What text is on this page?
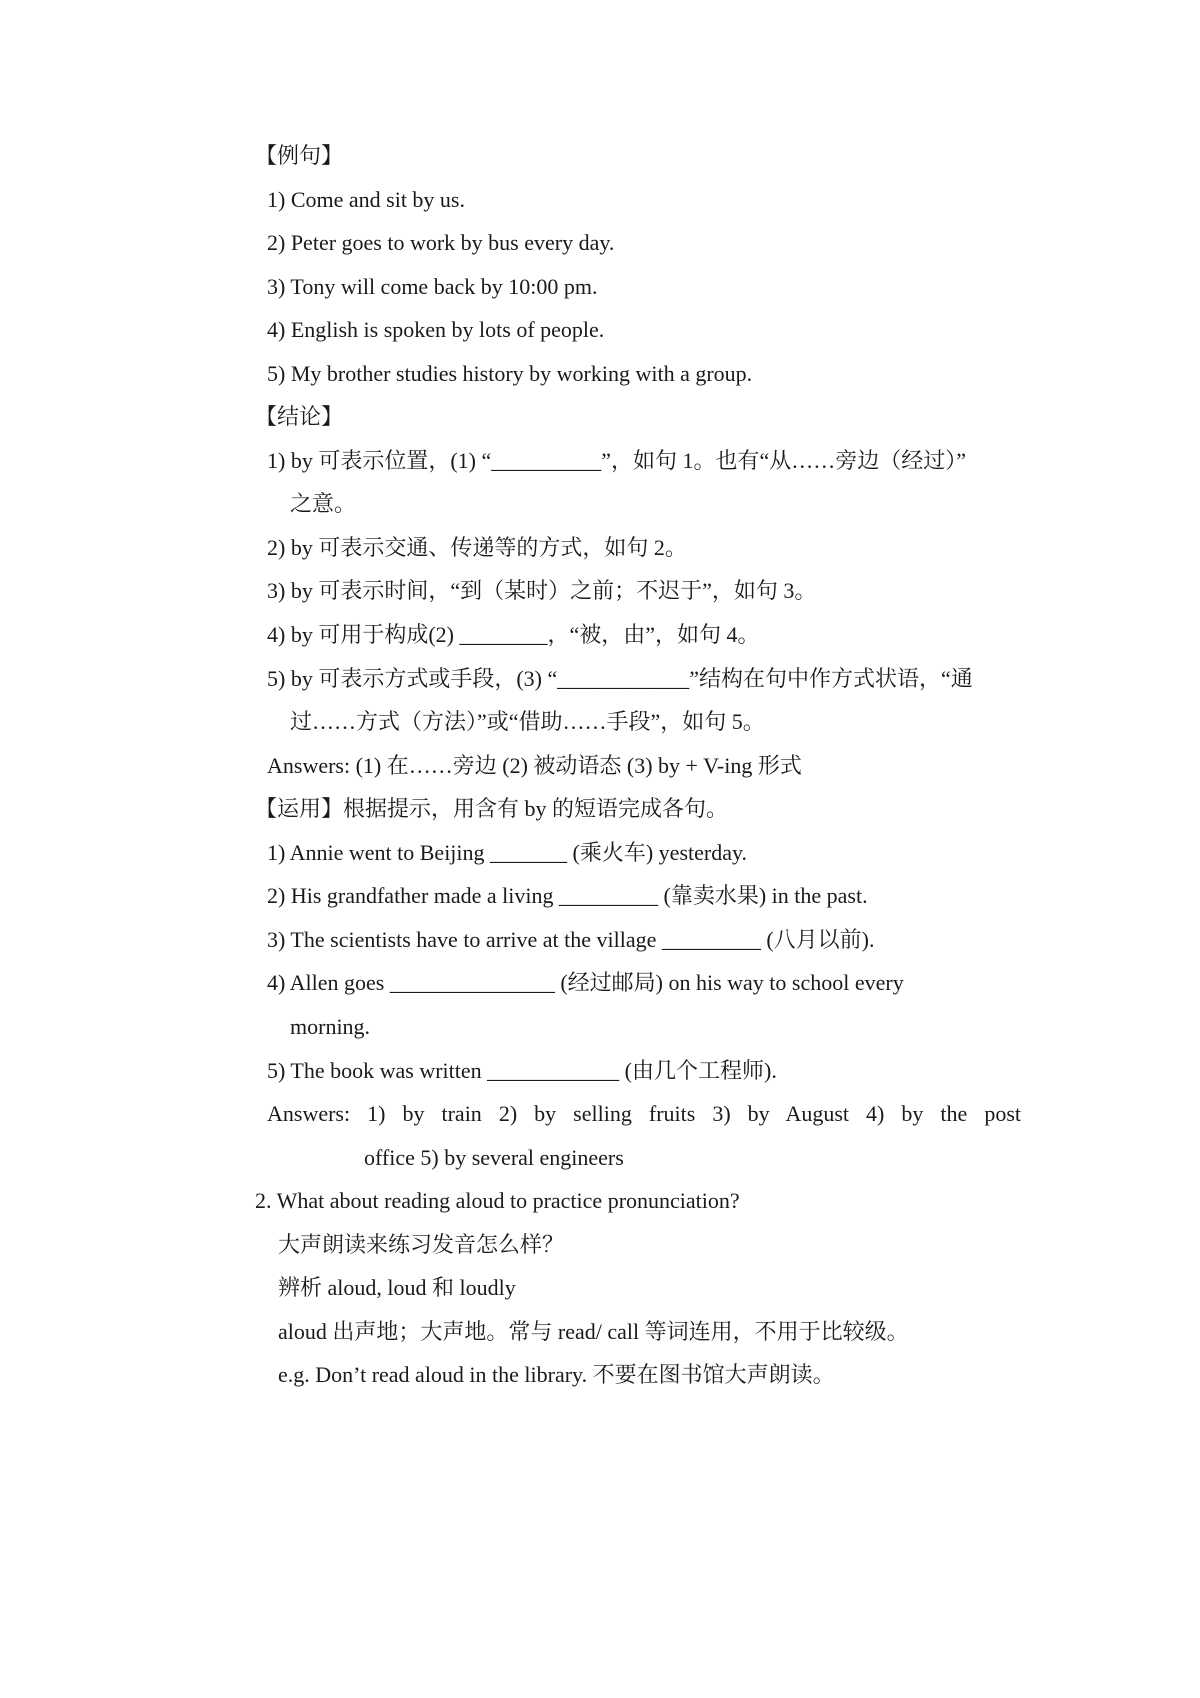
【例句】
1) Come and sit by us.
2) Peter goes to work by bus every day.
3) Tony will come back by 10:00 pm.
4) English is spoken by lots of people.
5) My brother studies history by working with a group.
【结论】
1) by 可表示位置，(1) “__________”，如句 1。也有“从……旁边（经过）”
之意。
2) by 可表示交通、传递等的方式，如句 2。
3) by 可表示时间，“到（某时）之前；不迟于”，如句 3。
4) by 可用于构成(2) ________，“被，由”，如句 4。
5) by 可表示方式或手段，(3) “____________”结构在句中作方式状语，“通
过……方式（方法）”或“借助……手段”，如句 5。
Answers: (1) 在……旁边 (2) 被动语态 (3) by + V-ing 形式
【运用】根据提示，用含有 by 的短语完成各句。
1) Annie went to Beijing _______ (乘火车) yesterday.
2) His grandfather made a living _________ (靠卖水果) in the past.
3) The scientists have to arrive at the village _________ (八月以前).
4) Allen goes _______________ (经过邮局) on his way to school every
morning.
5) The book was written ____________ (由几个工程师).
Answers: 1) by train 2) by selling fruits 3) by August 4) by the post
office 5) by several engineers
2. What about reading aloud to practice pronunciation?
大声朗读来练习发音怎么样？
辨析 aloud, loud 和 loudly
aloud 出声地；大声地。常与 read/ call 等词连用，不用于比较级。
e.g. Don’t read aloud in the library. 不要在图书馆大声朗读。
